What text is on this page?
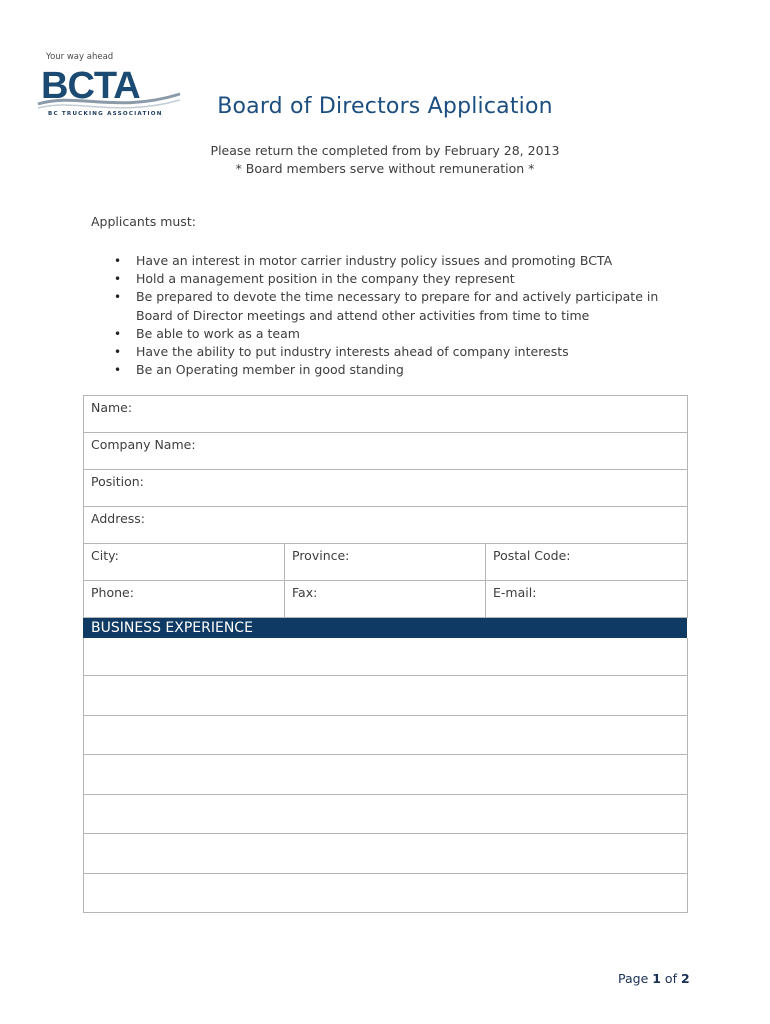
Your way ahead
BCTA
BC TRUCKING ASSOCIATION	Board of Directors Application
Please return the completed from by February 28, 2013
* Board members serve without remuneration *
Applicants must:
• Have an interest in motor carrier industry policy issues and promoting BCTA
• Hold a management position in the company they represent
• Be prepared to devote the time necessary to prepare for and actively participate in Board of Director meetings and attend other activities from time to time
• Be able to work as a team
• Have the ability to put industry interests ahead of company interests
• Be an Operating member in good standing
Name:
Company Name:
Position:
Address:
City:	Province:	Postal Code:
Phone:	Fax:	E-mail:
BUSINESS EXPERIENCE
Page 1 of 2
